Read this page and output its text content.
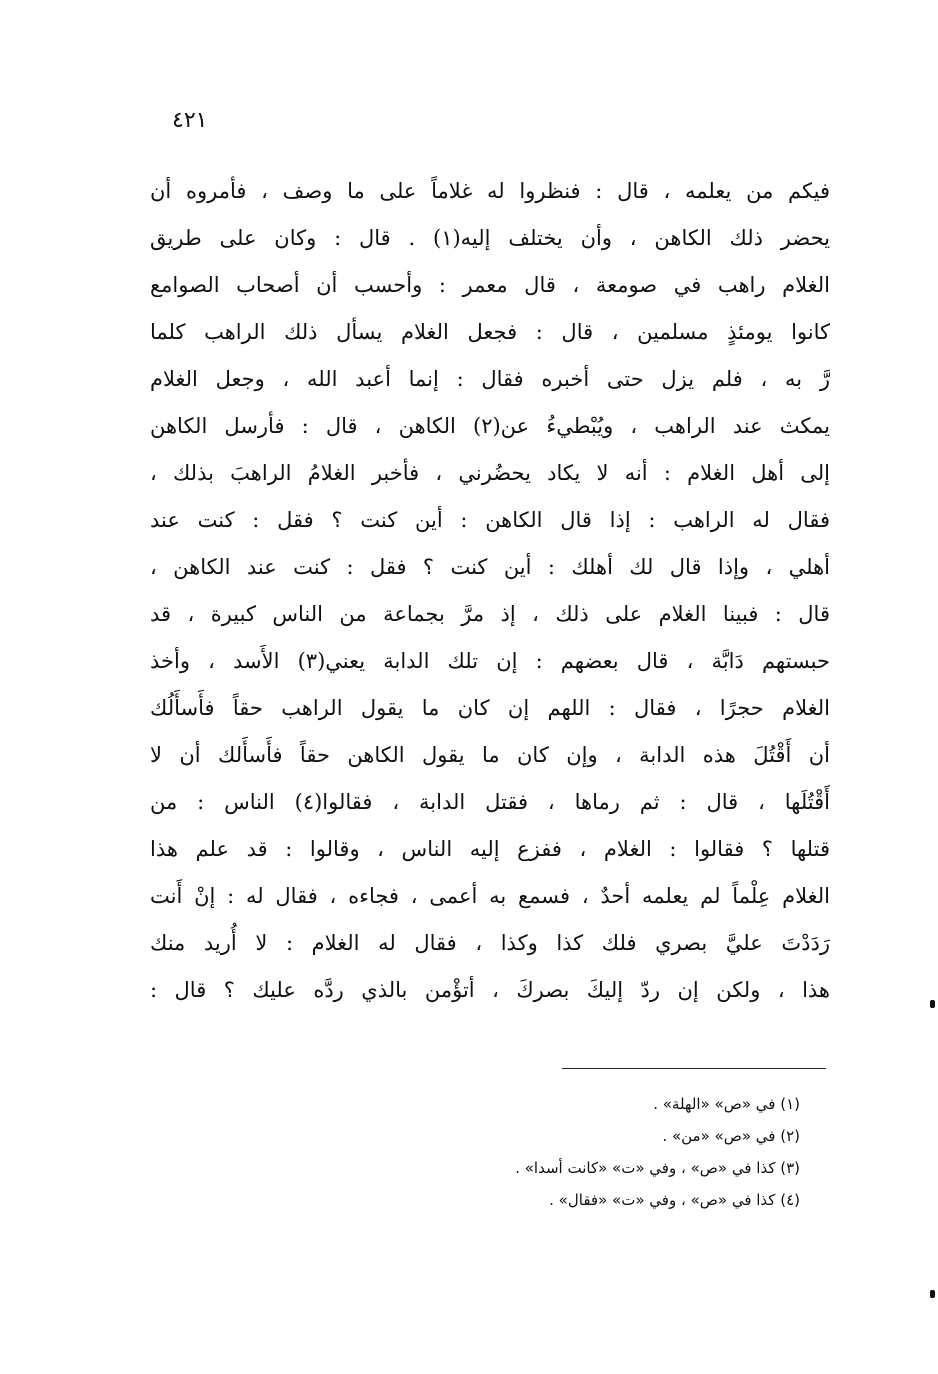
٤٢١
فيكم من يعلمه ، قال : فنظروا له غلاماً على ما وصف ، فأمروه أن
يحضر ذلك الكاهن ، وأن يختلف إليه(١) . قال : وكان على طريق
الغلام راهب في صومعة ، قال معمر : وأحسب أن أصحاب الصوامع
كانوا يومئذٍ مسلمين ، قال : فجعل الغلام يسأل ذلك الراهب كلما
رَّ به ، فلم يزل حتى أخبره فقال : إنما أعبد الله ، وجعل الغلام
يمكث عند الراهب ، ويُبْطيءُ عن(٢) الكاهن ، قال : فأرسل الكاهن
إلى أهل الغلام : أنه لا يكاد يحضُرني ، فأخبر الغلامُ الراهبَ بذلك ،
فقال له الراهب : إذا قال الكاهن : أين كنت ؟ فقل : كنت عند
أهلي ، وإذا قال لك أهلك : أين كنت ؟ فقل : كنت عند الكاهن ،
قال : فبينا الغلام على ذلك ، إذ مرَّ بجماعة من الناس كبيرة ، قد
حبستهم دَابَّة ، قال بعضهم : إن تلك الدابة يعني(٣) الأَسد ، وأخذ
الغلام حجرًا ، فقال : اللهم إن كان ما يقول الراهب حقاً فأَسأَلُك
أن أَقْتُلَ هذه الدابة ، وإن كان ما يقول الكاهن حقاً فأَسأَلك أن لا
أَقْتُلَها ، قال : ثم رماها ، فقتل الدابة ، فقالوا(٤) الناس : من
قتلها ؟ فقالوا : الغلام ، ففزع إليه الناس ، وقالوا : قد علم هذا
الغلام عِلْماً لم يعلمه أحدٌ ، فسمع به أعمى ، فجاءه ، فقال له : إنْ أَنت
رَدَدْتَ عليَّ بصري فلك كذا وكذا ، فقال له الغلام : لا أُريد منك
هذا ، ولكن إن ردّ إليكَ بصركَ ، أتؤْمن بالذي ردَّه عليك ؟ قال :
(١) في «ص» «الهلة» .
(٢) في «ص» «من» .
(٣) كذا في «ص» ، وفي «ت» «كانت أسدا» .
(٤) كذا في «ص» ، وفي «ت» «فقال» .
